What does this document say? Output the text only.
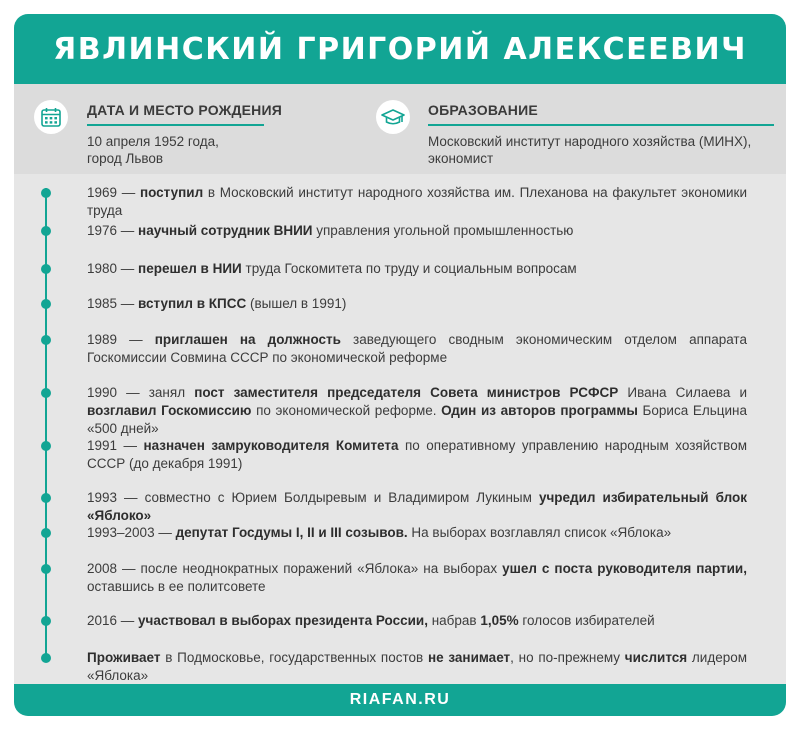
ЯВЛИНСКИЙ ГРИГОРИЙ АЛЕКСЕЕВИЧ
ДАТА И МЕСТО РОЖДЕНИЯ
10 апреля 1952 года,
город Львов
ОБРАЗОВАНИЕ
Московский институт народного хозяйства (МИНХ),
экономист
1969 — поступил в Московский институт народного хозяйства им. Плеханова на факультет экономики труда
1976 — научный сотрудник ВНИИ управления угольной промышленностью
1980 — перешел в НИИ труда Госкомитета по труду и социальным вопросам
1985 — вступил в КПСС (вышел в 1991)
1989 — приглашен на должность заведующего сводным экономическим отделом аппарата Госкомиссии Совмина СССР по экономической реформе
1990 — занял пост заместителя председателя Совета министров РСФСР Ивана Силаева и возглавил Госкомиссию по экономической реформе. Один из авторов программы Бориса Ельцина «500 дней»
1991 — назначен замруководителя Комитета по оперативному управлению народным хозяйством СССР (до декабря 1991)
1993 — совместно с Юрием Болдыревым и Владимиром Лукиным учредил избирательный блок «Яблоко»
1993–2003 — депутат Госдумы I, II и III созывов. На выборах возглавлял список «Яблока»
2008 — после неоднократных поражений «Яблока» на выборах ушел с поста руководителя партии, оставшись в ее политсовете
2016 — участвовал в выборах президента России, набрав 1,05% голосов избирателей
Проживает в Подмосковье, государственных постов не занимает, но по-прежнему числится лидером «Яблока»
RIAFAN.RU
